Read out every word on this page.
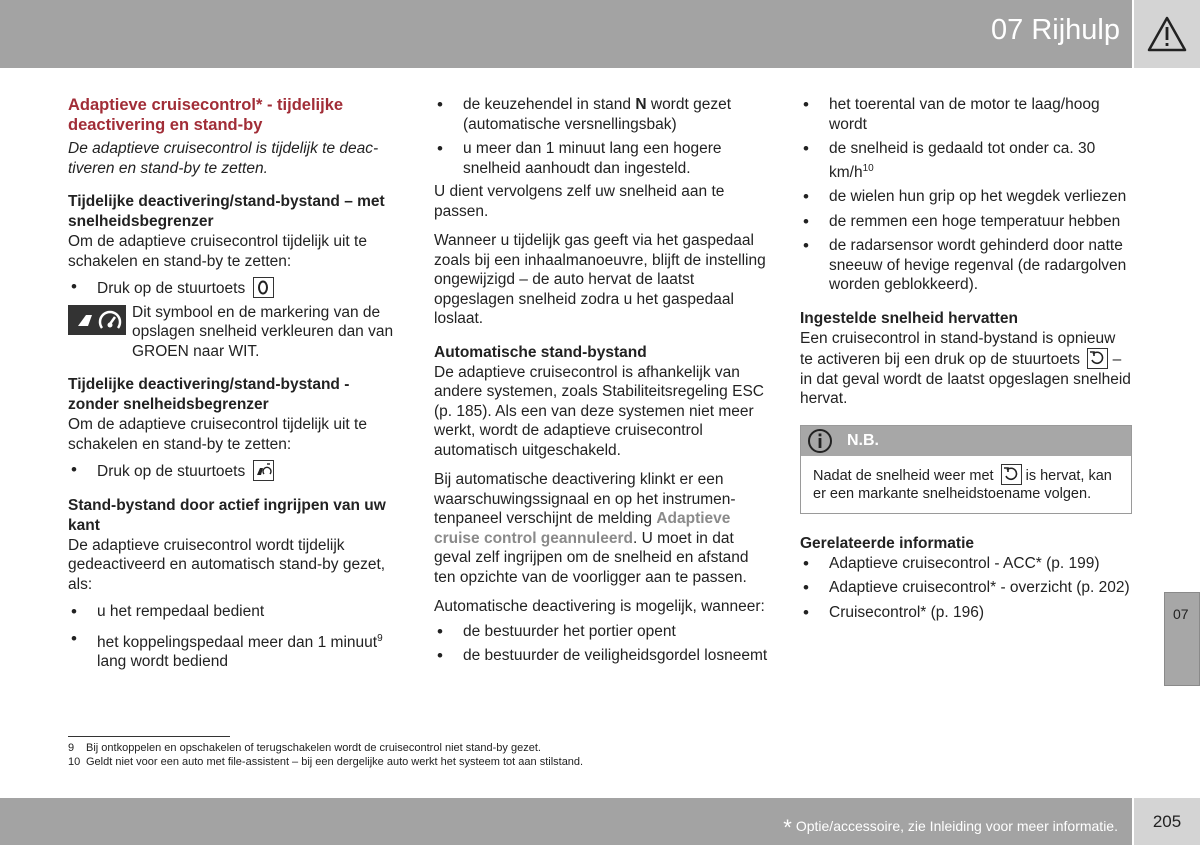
07 Rijhulp
Adaptieve cruisecontrol* - tijdelijke deactivering en stand-by

De adaptieve cruisecontrol is tijdelijk te deactiveren en stand-by te zetten.

Tijdelijke deactivering/stand-bystand – met snelheidsbegrenzer

Om de adaptieve cruisecontrol tijdelijk uit te schakelen en stand-by te zetten:

• Druk op de stuurtoets
Dit symbool en de markering van de opslagen snelheid verkleuren dan van GROEN naar WIT.
Tijdelijke deactivering/stand-bystand - zonder snelheidsbegrenzer

Om de adaptieve cruisecontrol tijdelijk uit te schakelen en stand-by te zetten:

• Druk op de stuurtoets
Stand-bystand door actief ingrijpen van uw kant

De adaptieve cruisecontrol wordt tijdelijk gedeactiveerd en automatisch stand-by gezet, als:

• u het rempedaal bedient
• het koppelingspedaal meer dan 1 minuut$^9$ lang wordt bediend
• de keuzehendel in stand N wordt gezet (automatische versnellingsbak)
• u meer dan 1 minuut lang een hogere snelheid aanhoudt dan ingesteld.

U dient vervolgens zelf uw snelheid aan te passen.

Wanneer u tijdelijk gas geeft via het gaspedaal zoals bij een inhaalmanoeuvre, blijft de instelling ongewijzigd – de auto hervat de laatst opgeslagen snelheid zodra u het gaspedaal loslaat.

Automatische stand-bystand

De adaptieve cruisecontrol is afhankelijk van andere systemen, zoals Stabiliteitsregeling ESC (p. 185). Als een van deze systemen niet meer werkt, wordt de adaptieve cruisecontrol automatisch uitgeschakeld.

Bij automatische deactivering klinkt er een waarschuwingssignaal en op het instrumentenpaneel verschijnt de melding Adaptieve cruise control geannuleerd. U moet in dat geval zelf ingrijpen om de snelheid en afstand ten opzichte van de voorligger aan te passen.

Automatische deactivering is mogelijk, wanneer:

• de bestuurder het portier opent
• de bestuurder de veiligheidsgordel losneemt
• het toerental van de motor te laag/hoog wordt
• de snelheid is gedaald tot onder ca. 30 $km/h^{10}$
• de wielen hun grip op het wegdek verliezen
• de remmen een hoge temperatuur hebben
• de radarsensor wordt gehinderd door natte sneeuw of hevige regenval (de radargolven worden geblokkeerd).
Ingestelde snelheid hervatten

Een cruisecontrol in stand-bystand is opnieuw te activeren bij een druk op de stuurtoets
– in dat geval wordt de laatst opgeslagen snelheid hervat.

N.B.
Nadat de snelheid weer met
is hervat, kan er een markante snelheidstoename volgen.
Gerelateerde informatie
• Adaptieve cruisecontrol - ACC* (p. 199)
• Adaptieve cruisecontrol* - overzicht (p. 202)
• Cruisecontrol* (p. 196)	07
9	Bij ontkoppelen en opschakelen of terugschakelen wordt de cruisecontrol niet stand-by gezet.
10 Geldt niet voor een auto met file-assistent – bij een dergelijke auto werkt het systeem tot aan stilstand.
* Optie/accessoire, zie Inleiding voor meer informatie.	205
